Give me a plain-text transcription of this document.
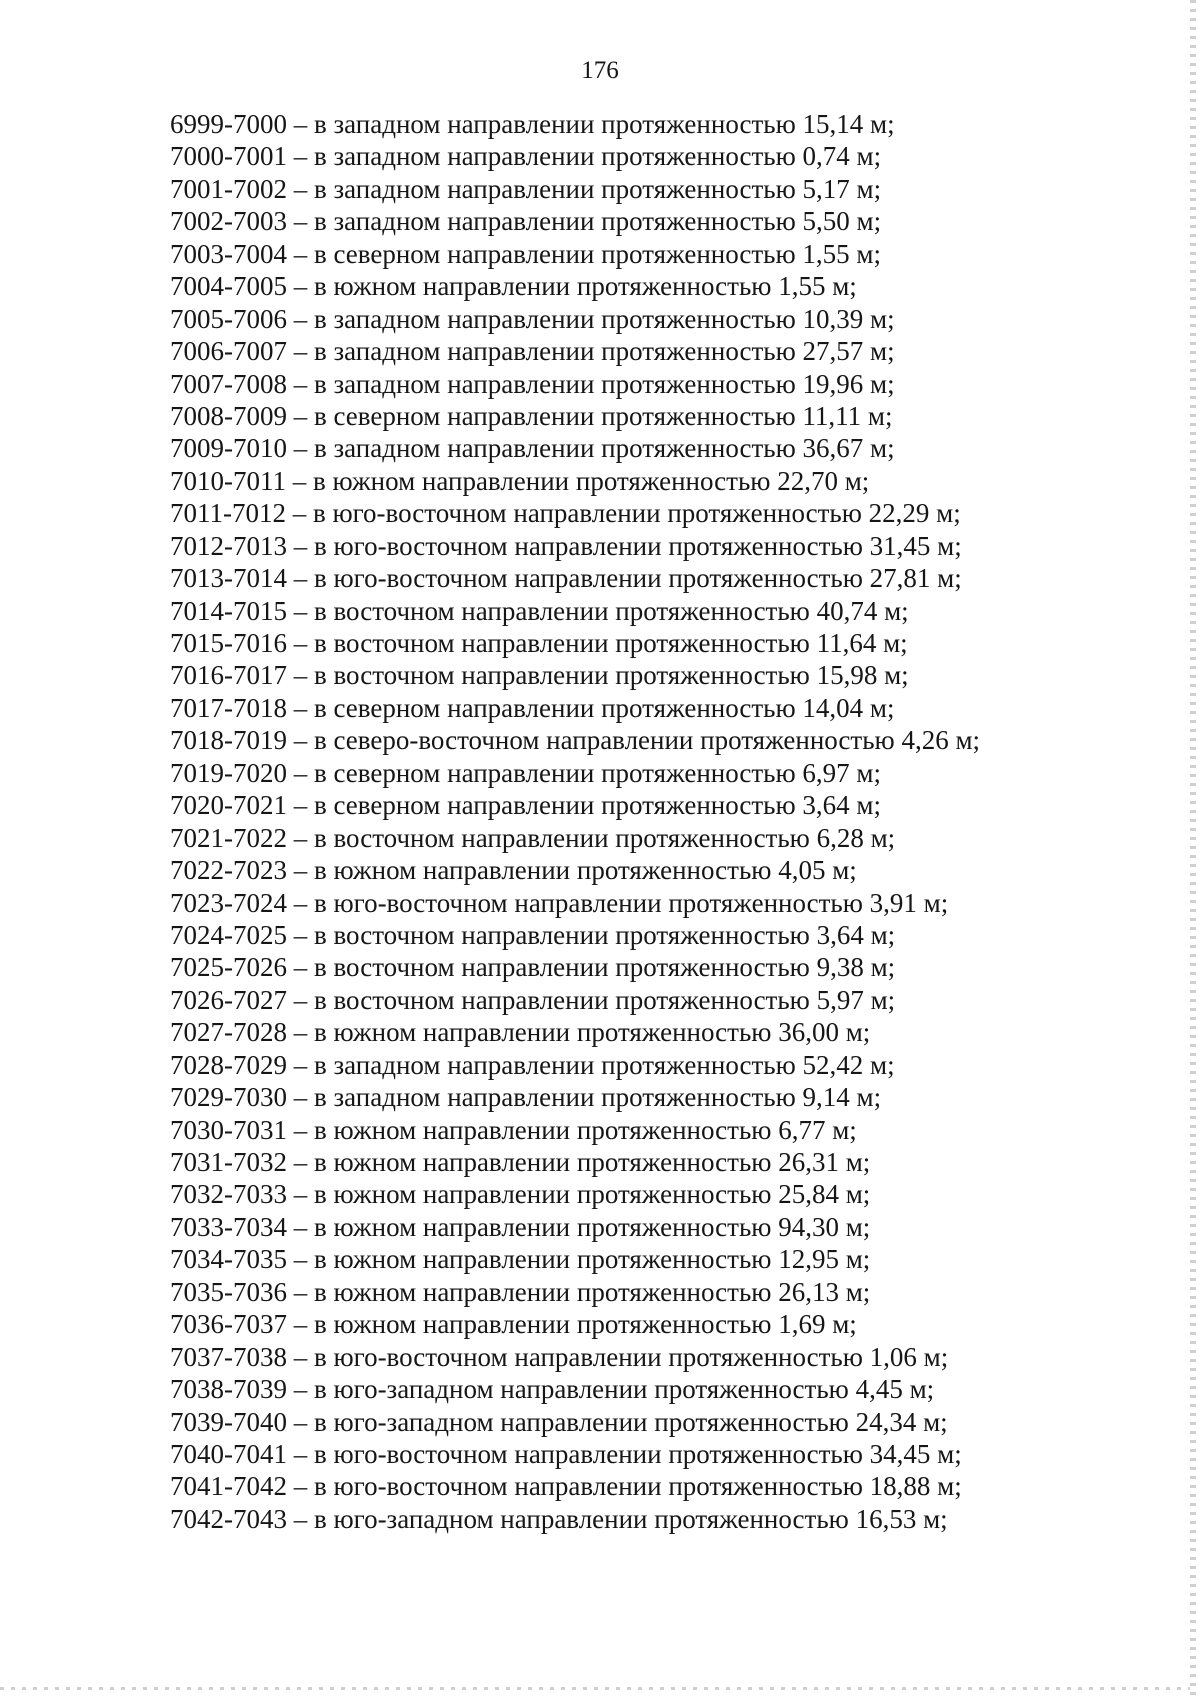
176
6999-7000 – в западном направлении протяженностью 15,14 м;
7000-7001 – в западном направлении протяженностью 0,74 м;
7001-7002 – в западном направлении протяженностью 5,17 м;
7002-7003 – в западном направлении протяженностью 5,50 м;
7003-7004 – в северном направлении протяженностью 1,55 м;
7004-7005 – в южном направлении протяженностью 1,55 м;
7005-7006 – в западном направлении протяженностью 10,39 м;
7006-7007 – в западном направлении протяженностью 27,57 м;
7007-7008 – в западном направлении протяженностью 19,96 м;
7008-7009 – в северном направлении протяженностью 11,11 м;
7009-7010 – в западном направлении протяженностью 36,67 м;
7010-7011 – в южном направлении протяженностью 22,70 м;
7011-7012 – в юго-восточном направлении протяженностью 22,29 м;
7012-7013 – в юго-восточном направлении протяженностью 31,45 м;
7013-7014 – в юго-восточном направлении протяженностью 27,81 м;
7014-7015 – в восточном направлении протяженностью 40,74 м;
7015-7016 – в восточном направлении протяженностью 11,64 м;
7016-7017 – в восточном направлении протяженностью 15,98 м;
7017-7018 – в северном направлении протяженностью 14,04 м;
7018-7019 – в северо-восточном направлении протяженностью 4,26 м;
7019-7020 – в северном направлении протяженностью 6,97 м;
7020-7021 – в северном направлении протяженностью 3,64 м;
7021-7022 – в восточном направлении протяженностью 6,28 м;
7022-7023 – в южном направлении протяженностью 4,05 м;
7023-7024 – в юго-восточном направлении протяженностью 3,91 м;
7024-7025 – в восточном направлении протяженностью 3,64 м;
7025-7026 – в восточном направлении протяженностью 9,38 м;
7026-7027 – в восточном направлении протяженностью 5,97 м;
7027-7028 – в южном направлении протяженностью 36,00 м;
7028-7029 – в западном направлении протяженностью 52,42 м;
7029-7030 – в западном направлении протяженностью 9,14 м;
7030-7031 – в южном направлении протяженностью 6,77 м;
7031-7032 – в южном направлении протяженностью 26,31 м;
7032-7033 – в южном направлении протяженностью 25,84 м;
7033-7034 – в южном направлении протяженностью 94,30 м;
7034-7035 – в южном направлении протяженностью 12,95 м;
7035-7036 – в южном направлении протяженностью 26,13 м;
7036-7037 – в южном направлении протяженностью 1,69 м;
7037-7038 – в юго-восточном направлении протяженностью 1,06 м;
7038-7039 – в юго-западном направлении протяженностью 4,45 м;
7039-7040 – в юго-западном направлении протяженностью 24,34 м;
7040-7041 – в юго-восточном направлении протяженностью 34,45 м;
7041-7042 – в юго-восточном направлении протяженностью 18,88 м;
7042-7043 – в юго-западном направлении протяженностью 16,53 м;
